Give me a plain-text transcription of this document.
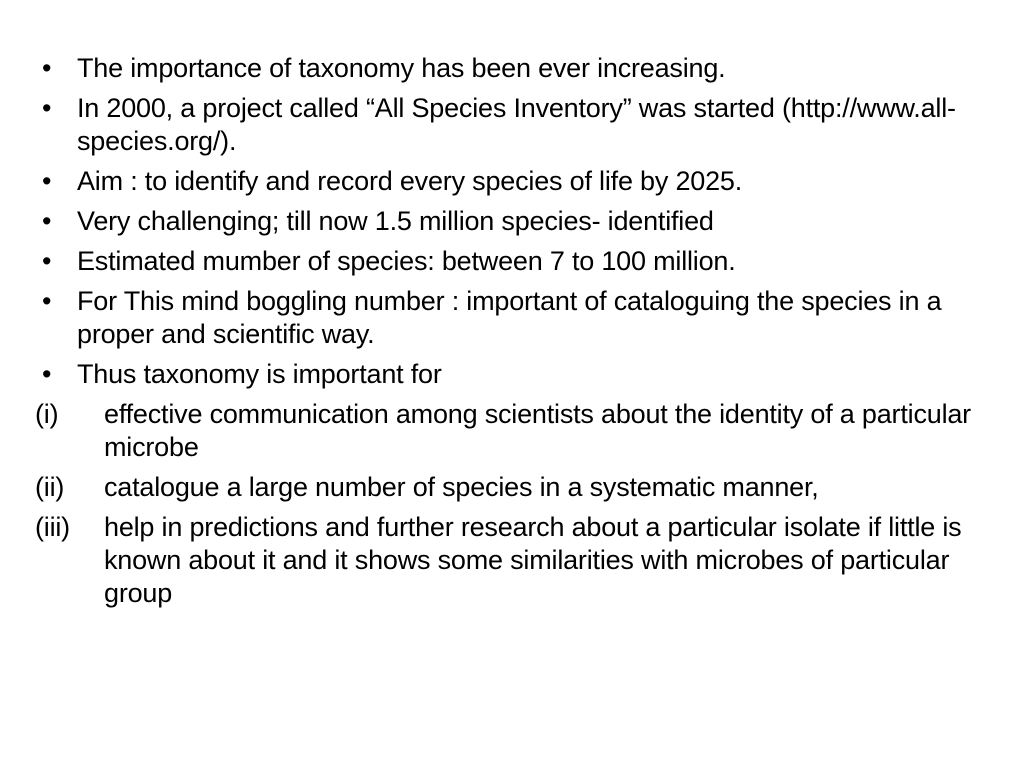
• The importance of taxonomy has been ever increasing.
• In 2000, a project called “All Species Inventory” was started (http://www.all-species.org/).
• Aim : to identify and record every species of life by 2025.
• Very challenging; till now 1.5 million species- identified
• Estimated mumber of species: between 7 to 100 million.
• For This mind boggling number : important of cataloguing the species in a proper and scientific way.
• Thus taxonomy is important for
(i)	effective communication among scientists about the identity of a particular microbe
(ii)	catalogue a large number of species in a systematic manner,
(iii)	help in predictions and further research about a particular isolate if little is known about it and it shows some similarities with microbes of particular group
